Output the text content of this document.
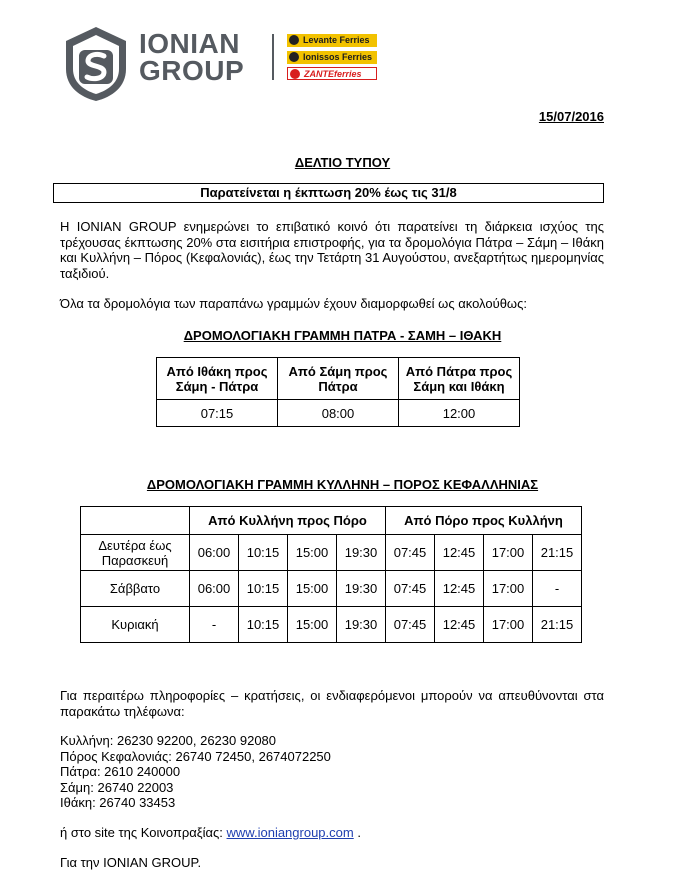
IONIAN
GROUP
Levante Ferries
Ionissos Ferries
ZANTEferries
15/07/2016
ΔΕΛΤΙΟ ΤΥΠΟΥ
Παρατείνεται η έκπτωση 20% έως τις 31/8
Η IONIAN GROUP ενημερώνει το επιβατικό κοινό ότι παρατείνει τη διάρκεια ισχύος της τρέχουσας έκπτωσης 20% στα εισιτήρια επιστροφής, για τα δρομολόγια Πάτρα – Σάμη – Ιθάκη και Κυλλήνη – Πόρος (Κεφαλονιάς), έως την Τετάρτη 31 Αυγούστου, ανεξαρτήτως ημερομηνίας ταξιδιού.
Όλα τα δρομολόγια των παραπάνω γραμμών έχουν διαμορφωθεί ως ακολούθως:
ΔΡΟΜΟΛΟΓΙΑΚΗ ΓΡΑΜΜΗ ΠΑΤΡΑ - ΣΑΜΗ – ΙΘΑΚΗ
Από Ιθάκη προς Σάμη - Πάτρα	Από Σάμη προς Πάτρα	Από Πάτρα προς Σάμη και Ιθάκη
07:15	08:00	12:00
ΔΡΟΜΟΛΟΓΙΑΚΗ ΓΡΑΜΜΗ ΚΥΛΛΗΝΗ – ΠΟΡΟΣ ΚΕΦΑΛΛΗΝΙΑΣ
	Από Κυλλήνη προς Πόρο				Από Πόρο προς Κυλλήνη			
Δευτέρα έως Παρασκευή	06:00	10:15	15:00	19:30	07:45	12:45	17:00	21:15
Σάββατο	06:00	10:15	15:00	19:30	07:45	12:45	17:00	-
Κυριακή	-	10:15	15:00	19:30	07:45	12:45	17:00	21:15
Για περαιτέρω πληροφορίες – κρατήσεις, οι ενδιαφερόμενοι μπορούν να απευθύνονται στα παρακάτω τηλέφωνα:
Κυλλήνη: 26230 92200, 26230 92080
Πόρος Κεφαλονιάς: 26740 72450, 2674072250
Πάτρα: 2610 240000
Σάμη: 26740 22003
Ιθάκη: 26740 33453
ή στο site της Κοινοπραξίας: www.ioniangroup.com .
Για την IONIAN GROUP.
